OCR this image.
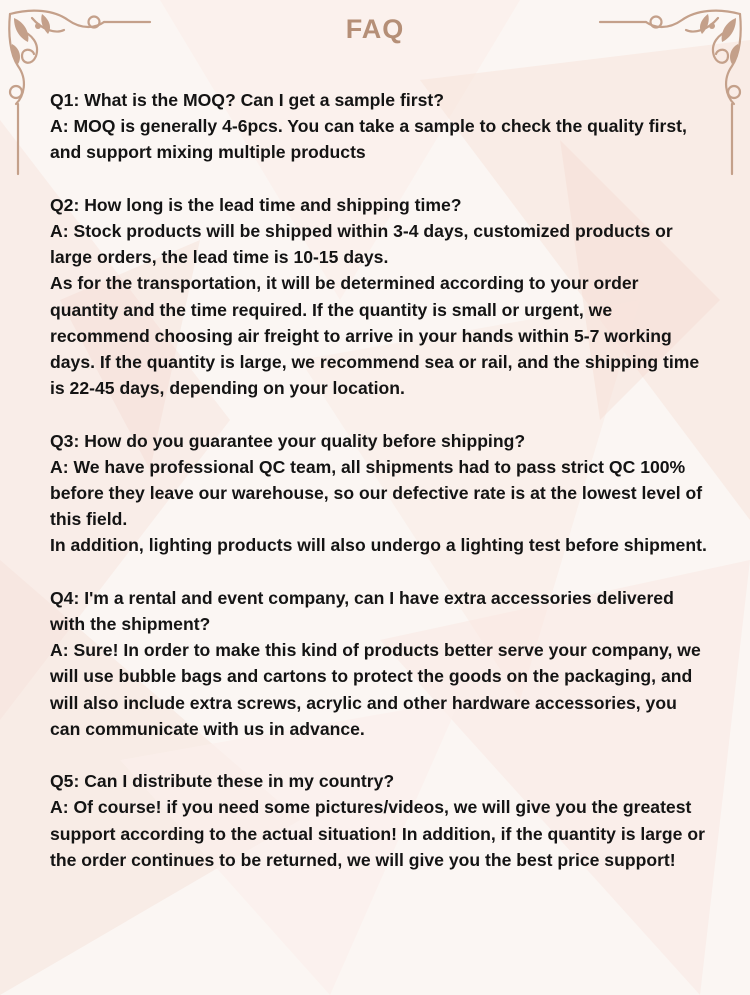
FAQ

Q1: What is the MOQ? Can I get a sample first?

A: MOQ is generally 4-6pcs. You can take a sample to check the quality first, and support mixing multiple products

Q2: How long is the lead time and shipping time?

A: Stock products will be shipped within 3-4 days, customized products or large orders, the lead time is 10-15 days.

As for the transportation, it will be determined according to your order quantity and the time required. If the quantity is small or urgent, we recommend choosing air freight to arrive in your hands within 5-7 working days. If the quantity is large, we recommend sea or rail, and the shipping time is 22-45 days, depending on your location.

Q3: How do you guarantee your quality before shipping?

A: We have professional QC team, all shipments had to pass strict QC 100% before they leave our warehouse, so our defective rate is at the lowest level of this field.

In addition, lighting products will also undergo a lighting test before shipment.

Q4: I'm a rental and event company, can I have extra accessories delivered with the shipment?

A: Sure! In order to make this kind of products better serve your company, we will use bubble bags and cartons to protect the goods on the packaging, and will also include extra screws, acrylic and other hardware accessories, you can communicate with us in advance.

Q5: Can I distribute these in my country?

A: Of course! if you need some pictures/videos, we will give you the greatest support according to the actual situation! In addition, if the quantity is large or the order continues to be returned, we will give you the best price support!
